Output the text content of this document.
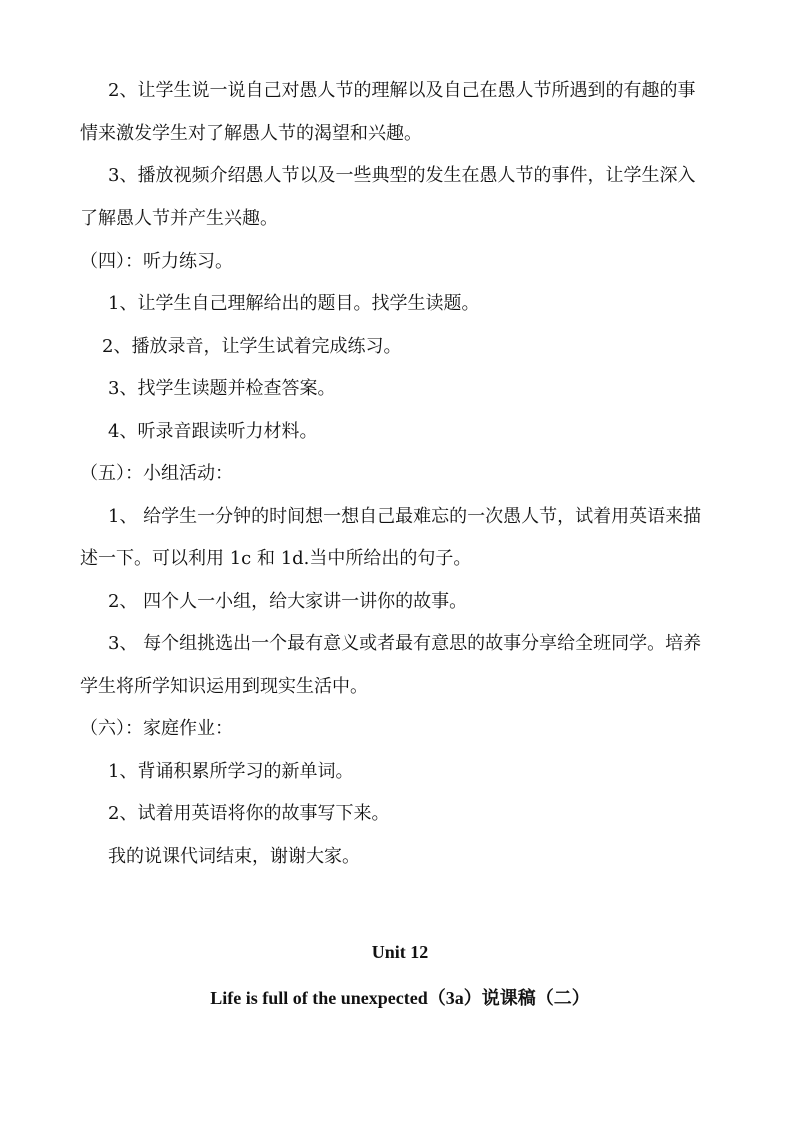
2、让学生说一说自己对愚人节的理解以及自己在愚人节所遇到的有趣的事

情来激发学生对了解愚人节的渴望和兴趣。

3、播放视频介绍愚人节以及一些典型的发生在愚人节的事件，让学生深入

了解愚人节并产生兴趣。

（四）：听力练习。

1、让学生自己理解给出的题目。找学生读题。

2、播放录音，让学生试着完成练习。

3、找学生读题并检查答案。

4、听录音跟读听力材料。

（五）：小组活动：

1、 给学生一分钟的时间想一想自己最难忘的一次愚人节，试着用英语来描

述一下。可以利用 1c 和 1d.当中所给出的句子。

2、 四个人一小组，给大家讲一讲你的故事。

3、 每个组挑选出一个最有意义或者最有意思的故事分享给全班同学。培养

学生将所学知识运用到现实生活中。

（六）：家庭作业：

1、背诵积累所学习的新单词。

2、试着用英语将你的故事写下来。

我的说课代词结束，谢谢大家。

Unit 12
Life is full of the unexpected（3a）说课稿（二）
